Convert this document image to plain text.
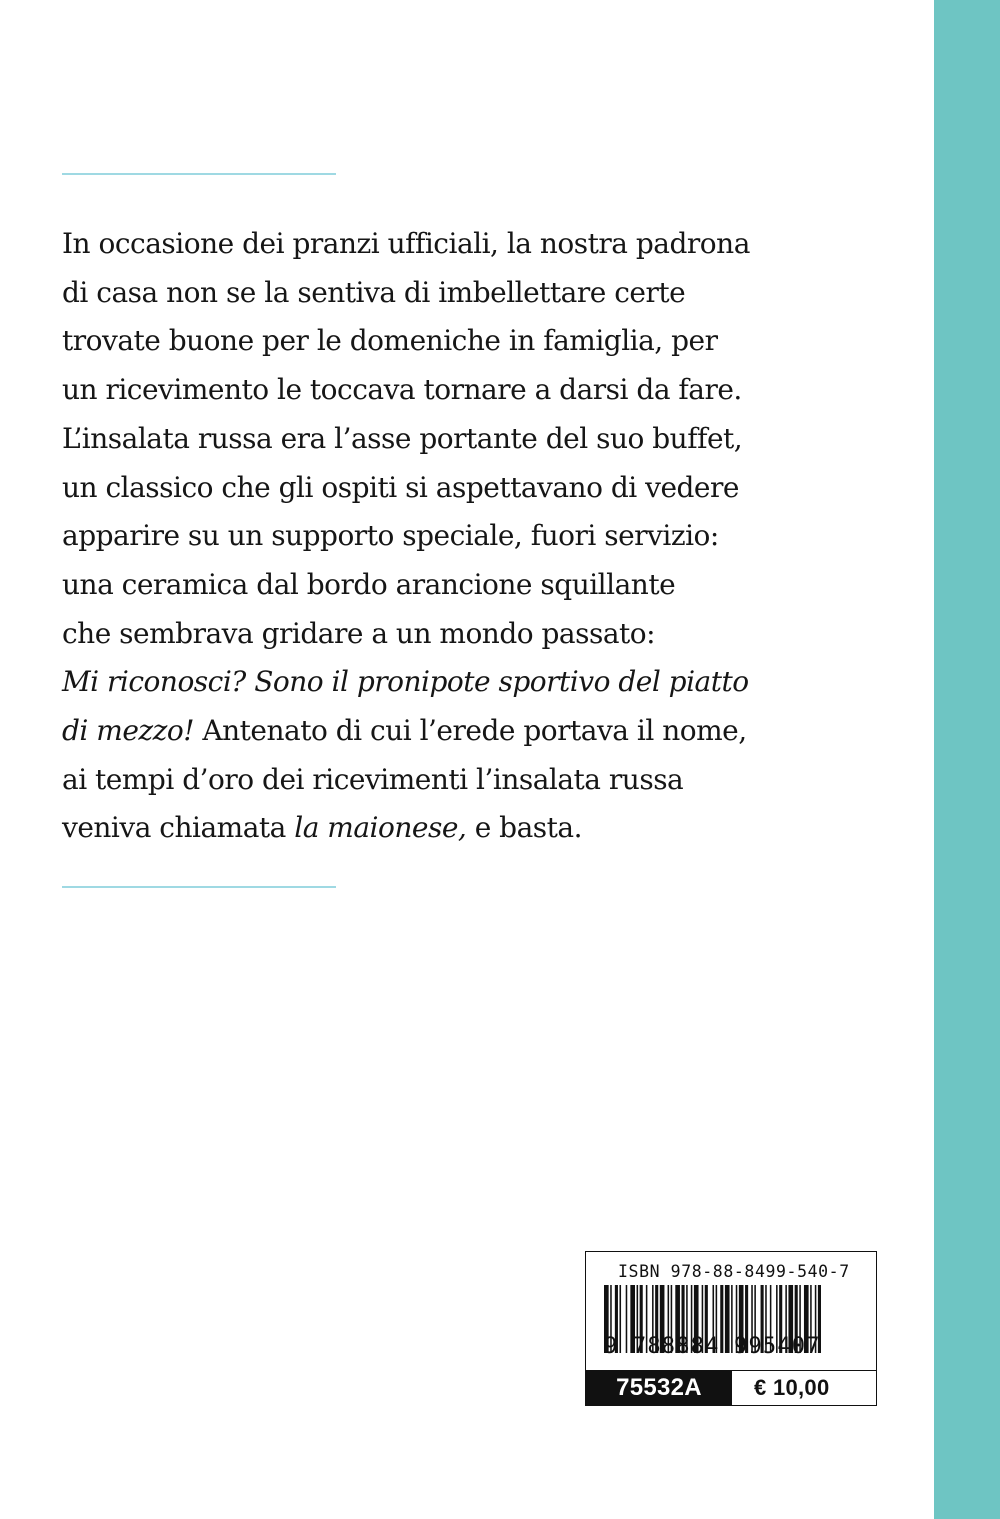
In occasione dei pranzi ufficiali, la nostra padrona
di casa non se la sentiva di imbellettare certe
trovate buone per le domeniche in famiglia, per
un ricevimento le toccava tornare a darsi da fare.
L’insalata russa era l’asse portante del suo buffet,
un classico che gli ospiti si aspettavano di vedere
apparire su un supporto speciale, fuori servizio:
una ceramica dal bordo arancione squillante
che sembrava gridare a un mondo passato:
Mi riconosci? Sono il pronipote sportivo del piatto
di mezzo! Antenato di cui l’erede portava il nome,
ai tempi d’oro dei ricevimenti l’insalata russa
veniva chiamata la maionese, e basta.

ISBN 978-88-8499-540-7
9 788884 995407
75532A	€ 10,00
